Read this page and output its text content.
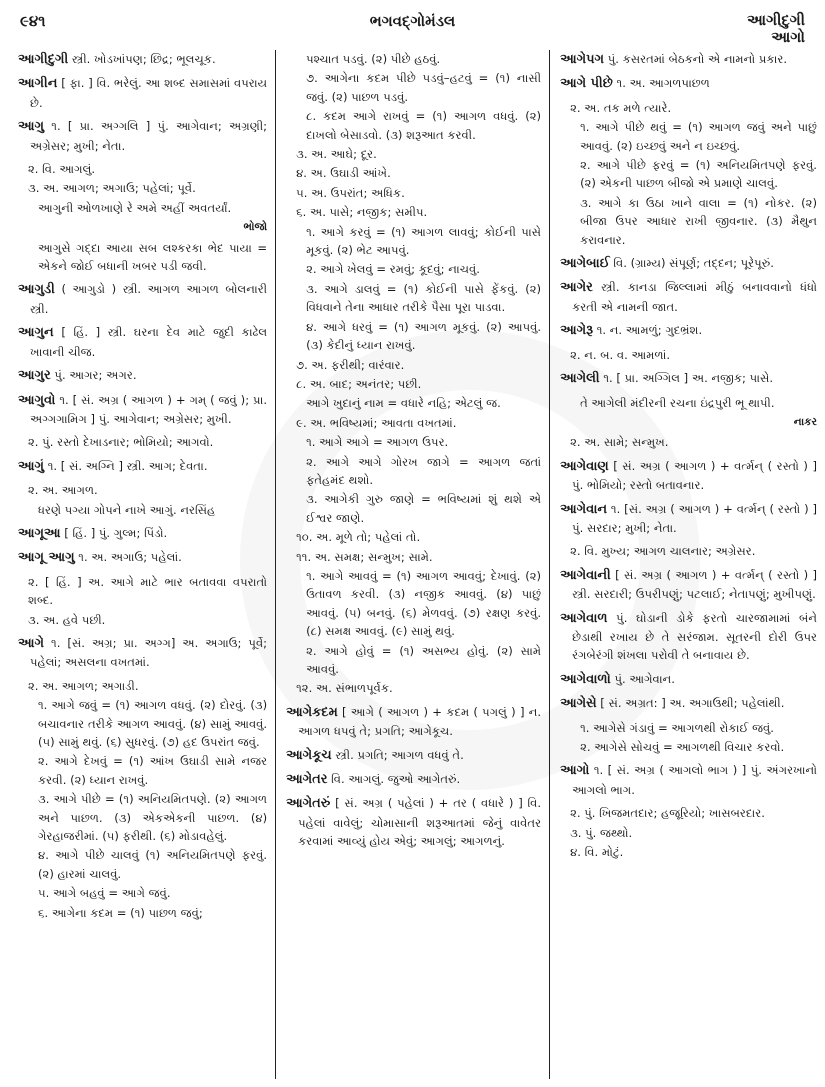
૯૪૧	ભગવદ્ગોમંડલ	આગીદુગી
આગો
આગીદુગી સ્ત્રી. ખોડખાંપણ; છિદ્ર; ભૂલચૂક.
આગીન [ ફા. ] વિ. ભરેલું. આ શબ્દ સમાસમાં વપરાય છે.
આગુ ૧. [ પ્રા. અગ્ગલિ ] પું. આગેવાન; અગ્રણી; અગ્રેસર; મુખી; નેતા.
૨. વિ. આગલું.
૩. અ. આગળ; અગાઉ; પહેલાં; પૂર્વે.
આગુની ઓળખાણે રે અમે અહીં અવતર્યાં.
ભોજો
આગુસે ગદ્દા આયા સબ લશ્કરકા ભેદ પાયા = એકને જોઈ બધાની ખબર પડી જવી.
આગુડી ( આગુડો ) સ્ત્રી. આગળ આગળ બોલનારી સ્ત્રી.
આગુન [ હિં. ] સ્ત્રી. ઘરના દેવ માટે જુદી કાઢેલ ખાવાની ચીજ.
આગુર પું. આગર; અગર.
આગુવો ૧. [ સં. અગ્ર ( આગળ ) + ગમ્ ( જવું ); પ્રા. અગ્ગગામિગ ] પું. આગેવાન; અગ્રેસર; મુખી.
૨. પું. રસ્તો દેખાડનાર; ભોમિયો; આગવો.
આગું ૧. [ સં. અગ્નિ ] સ્ત્રી. આગ; દેવતા.
૨. અ. આગળ.
ધરણે પગ્યા ગોપને નાખે આગું. નરસિંહ
આગૂઆ [ હિં. ] પું. ગુલ્મ; પિંડો.
આગૂ આગુ ૧. અ. અગાઉ; પહેલાં.
૨. [ હિં. ] અ. આગે માટે ભાર બતાવવા વપરાતો શબ્દ.
૩. અ. હવે પછી.
આગે ૧. [સં. અગ્ર; પ્રા. અગ્ગ] અ. અગાઉ; પૂર્વે; પહેલાં; અસલના વખતમાં.
૨. અ. આગળ; અગાડી.
૧. આગે જવું = (૧) આગળ વધવું. (૨) દોરવું. (૩) બચાવનાર તરીકે આગળ આવવું. (૪) સામું આવવું. (૫) સામું થવું. (૬) સુધરવું. (૭) હદ ઉપરાંત જવું.
૨. આગે દેખવું = (૧) આંખ ઉઘાડી સામે નજર કરવી. (૨) ધ્યાન રાખવું.
૩. આગે પીછે = (૧) અનિયમિતપણે. (૨) આગળ અને પાછળ. (૩) એકએકની પાછળ. (૪) ગેરહાજરીમાં. (૫) ફરીથી. (૬) મોડાવહેલું.
૪. આગે પીછે ચાલવું (૧) અનિયમિતપણે ફરવું. (૨) હારમાં ચાલવું.
૫. આગે બહવું = આગે જવું.
૬. આગેના કદમ = (૧) પાછળ જવું;
પશ્ચાત પડવું. (૨) પીછે હઠવું.
૭. આગેના કદમ પીછે પડવું–હટવું = (૧) નાસી જવું. (૨) પાછળ પડવું.
૮. કદમ આગે રાખવું = (૧) આગળ વધવું. (૨) દાખલો બેસાડવો. (૩) શરૂઆત કરવી.
૩. અ. આઘે; દૂર.
૪. અ. ઉઘાડી આંખે.
૫. અ. ઉપરાંત; અધિક.
૬. અ. પાસે; નજીક; સમીપ.
૧. આગે કરવું = (૧) આગળ લાવવું; કોઈની પાસે મૂકવું. (૨) ભેટ આપવું.
૨. આગે ખેલવું = રમવું; કૂદવું; નાચવું.
૩. આગે ડાલવું = (૧) કોઈની પાસે ફેંકવું. (૨) વિધવાને તેના આધાર તરીકે પૈસા પૂરા પાડવા.
૪. આગે ધરવું = (૧) આગળ મૂકવું. (૨) આપવું. (૩) કેદીનું ધ્યાન રાખવું.
૭. અ. ફરીથી; વારંવાર.
૮. અ. બાદ; અનંતર; પછી.
આગે ખુદાનું નામ = વધારે નહિ; એટલું જ.
૯. અ. ભવિષ્યમાં; આવતા વખતમાં.
૧. આગે આગે = આગળ ઉપર.
૨. આગે આગે ગોરખ જાગે = આગળ જતાં ફતેહમંદ થશો.
૩. આગેકી ગુરુ જાણે = ભવિષ્યમાં શું થશે એ ઈશ્વર જાણે.
૧૦. અ. મૂળે તો; પહેલાં તો.
૧૧. અ. સમક્ષ; સન્મુખ; સામે.
૧. આગે આવવું = (૧) આગળ આવવું; દેખાવું. (૨) ઉતાવળ કરવી. (૩) નજીક આવવું. (૪) પાછું આવવું. (૫) બનવું. (૬) મેળવવું. (૭) રક્ષણ કરવું. (૮) સમક્ષ આવવું. (૯) સામું થવું.
૨. આગે હોવું = (૧) અસભ્ય હોવું. (૨) સામે આવવું.
૧૨. અ. સંભાળપૂર્વક.
આગેકદમ [ આગે ( આગળ ) + કદમ ( પગલું ) ] ન. આગળ ધપવું તે; પ્રગતિ; આગેકૂચ.
આગેકૂચ સ્ત્રી. પ્રગતિ; આગળ વધવું તે.
આગેતર વિ. આગલું. જુઓ આગેતરું.
આગેતરું [ સં. અગ્ર ( પહેલાં ) + તર ( વધારે ) ] વિ. પહેલાં વાવેલું; ચોમાસાની શરૂઆતમાં જેનું વાવેતર કરવામાં આવ્યું હોય એવું; આગલું; આગળનું.
આગેપગ પું. કસરતમાં બેઠકનો એ નામનો પ્રકાર.
આગે પીછે ૧. અ. આગળપાછળ
૨. અ. તક મળે ત્યારે.
૧. આગે પીછે થવું = (૧) આગળ જવું અને પાછું આવવું. (૨) ઇચ્છવું અને ન ઇચ્છવું.
૨. આગે પીછે ફરવું = (૧) અનિયમિતપણે ફરવું. (૨) એકની પાછળ બીજો એ પ્રમાણે ચાલવું.
૩. આગે કા ઉઠા ખાને વાલા = (૧) નોકર. (૨) બીજા ઉપર આધાર રાખી જીવનાર. (૩) મૈથુન કરાવનાર.
આગેબાઈ વિ. (ગ્રામ્ય) સંપૂર્ણ; તદ્દન; પૂરેપૂરું.
આગેર સ્ત્રી. કાનડા જિલ્લામાં મીઠું બનાવવાનો ધંધો કરતી એ નામની જાત.
આગેરૂ ૧. ન. આમળું; ગુદભ્રંશ.
૨. ન. બ. વ. આમળાં.
આગેલી ૧. [ પ્રા. અગ્ગિલ ] અ. નજીક; પાસે.
તે આગેલી મંદીરની રચના ઇંદ્રપુરી ભૂ થાપી.
નાકર
૨. અ. સામે; સન્મુખ.
આગેવાણ [ સં. અગ્ર ( આગળ ) + વર્ત્મન્ ( રસ્તો ) ] પું. ભોમિયો; રસ્તો બતાવનાર.
આગેવાન ૧. [સં. અગ્ર ( આગળ ) + વર્ત્મન્ ( રસ્તો ) ] પું. સરદાર; મુખી; નેતા.
૨. વિ. મુખ્ય; આગળ ચાલનાર; અગ્રેસર.
આગેવાની [ સં. અગ્ર ( આગળ ) + વર્ત્મન્ ( રસ્તો ) ] સ્ત્રી. સરદારી; ઉપરીપણું; પટલાઈ; નેતાપણું; મુખીપણું.
આગેવાળ પું. ઘોડાની ડોકે ફરતો ચારજામામાં બંને છેડાથી રખાય છે તે સરંજામ. સૂતરની દોરી ઉપર રંગબેરંગી શંખલા પરોવી તે બનાવાય છે.
આગેવાળો પું. આગેવાન.
આગેસે [ સં. અગ્રત: ] અ. અગાઉથી; પહેલાંથી.
૧. આગેસે ગંડાવું = આગળથી રોકાઈ જવું.
૨. આગેસે સોચવું = આગળથી વિચાર કરવો.
આગો ૧. [ સં. અગ્ર ( આગલો ભાગ ) ] પું. અંગરખાનો આગલો ભાગ.
૨. પું. ખિજમતદાર; હજૂરિયો; ખાસબરદાર.
૩. પું. જથ્થો.
૪. વિ. મોટું.
